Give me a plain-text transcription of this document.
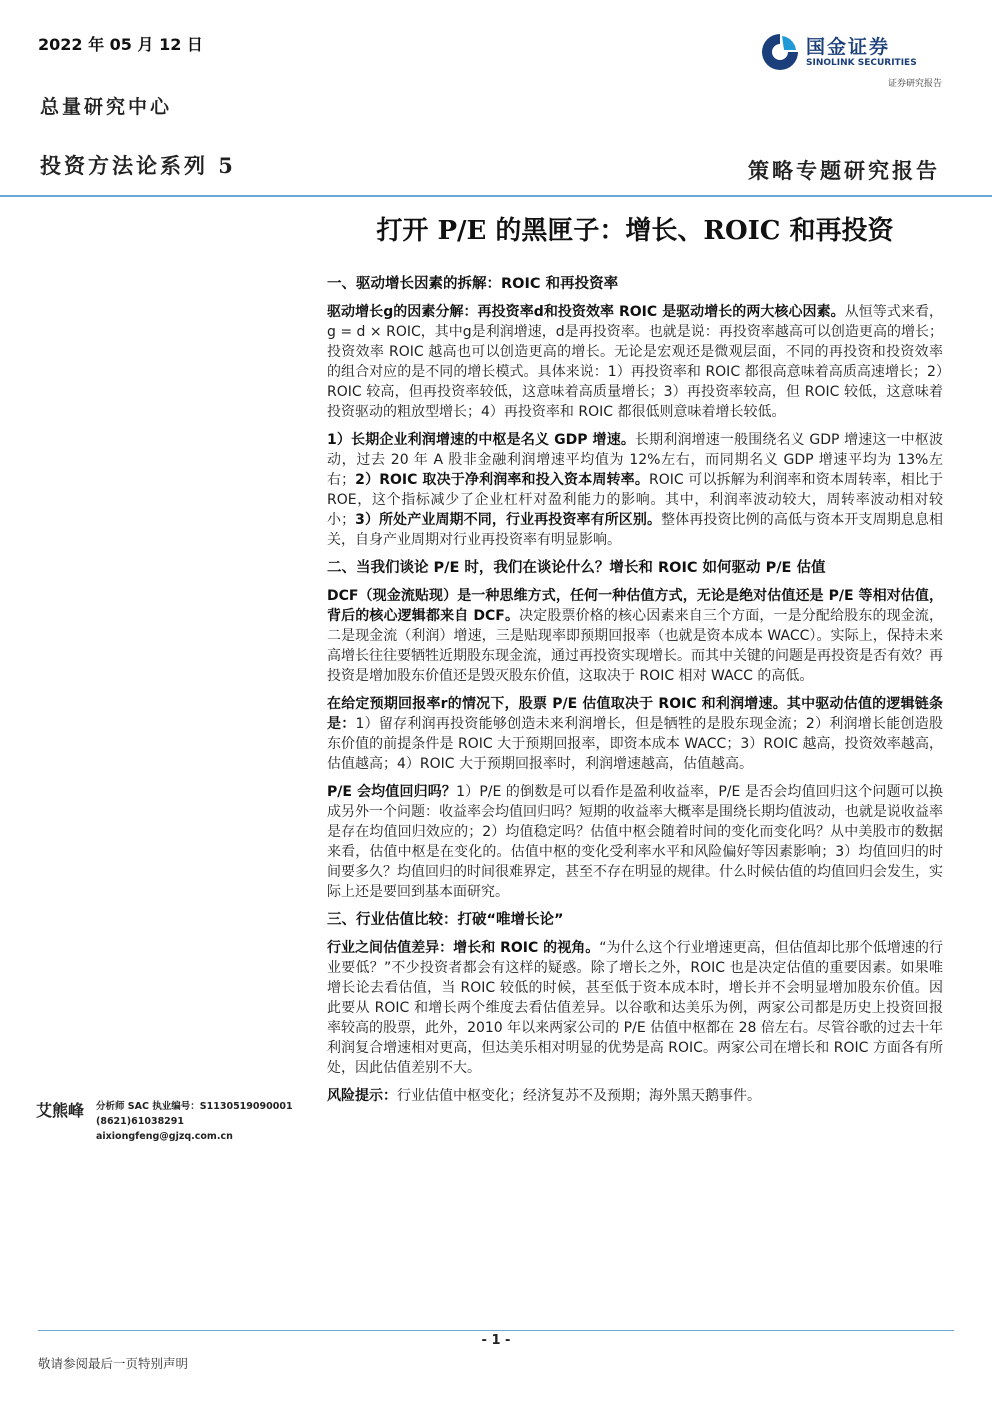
2022 年 05 月 12 日
总量研究中心
投资方法论系列 5	策略专题研究报告
国金证券
SINOLINK SECURITIES
证券研究报告
打开 P/E 的黑匣子：增长、ROIC 和再投资
一、驱动增长因素的拆解：ROIC 和再投资率

驱动增长g的因素分解：再投资率d和投资效率 ROIC 是驱动增长的两大核心因素。从恒等式来看，g = d × ROIC，其中g是利润增速，d是再投资率。也就是说：再投资率越高可以创造更高的增长；投资效率 ROIC 越高也可以创造更高的增长。无论是宏观还是微观层面，不同的再投资和投资效率的组合对应的是不同的增长模式。具体来说：1）再投资率和 ROIC 都很高意味着高质高速增长；2）ROIC 较高，但再投资率较低，这意味着高质量增长；3）再投资率较高，但 ROIC 较低，这意味着投资驱动的粗放型增长；4）再投资率和 ROIC 都很低则意味着增长较低。

1）长期企业利润增速的中枢是名义 GDP 增速。长期利润增速一般围绕名义 GDP 增速这一中枢波动，过去 20 年 A 股非金融利润增速平均值为 12%左右，而同期名义 GDP 增速平均为 13%左右；2）ROIC 取决于净利润率和投入资本周转率。ROIC 可以拆解为利润率和资本周转率，相比于 ROE，这个指标减少了企业杠杆对盈利能力的影响。其中，利润率波动较大，周转率波动相对较小；3）所处产业周期不同，行业再投资率有所区别。整体再投资比例的高低与资本开支周期息息相关，自身产业周期对行业再投资率有明显影响。

二、当我们谈论 P/E 时，我们在谈论什么？增长和 ROIC 如何驱动 P/E 估值

DCF（现金流贴现）是一种思维方式，任何一种估值方式，无论是绝对估值还是 P/E 等相对估值，背后的核心逻辑都来自 DCF。决定股票价格的核心因素来自三个方面，一是分配给股东的现金流，二是现金流（利润）增速，三是贴现率即预期回报率（也就是资本成本 WACC）。实际上，保持未来高增长往往要牺牲近期股东现金流，通过再投资实现增长。而其中关键的问题是再投资是否有效？再投资是增加股东价值还是毁灭股东价值，这取决于 ROIC 相对 WACC 的高低。

在给定预期回报率r的情况下，股票 P/E 估值取决于 ROIC 和利润增速。其中驱动估值的逻辑链条是：1）留存利润再投资能够创造未来利润增长，但是牺牲的是股东现金流；2）利润增长能创造股东价值的前提条件是 ROIC 大于预期回报率，即资本成本 WACC；3）ROIC 越高，投资效率越高，估值越高；4）ROIC 大于预期回报率时，利润增速越高，估值越高。

P/E 会均值回归吗？1）P/E 的倒数是可以看作是盈利收益率，P/E 是否会均值回归这个问题可以换成另外一个问题：收益率会均值回归吗？短期的收益率大概率是围绕长期均值波动，也就是说收益率是存在均值回归效应的；2）均值稳定吗？估值中枢会随着时间的变化而变化吗？从中美股市的数据来看，估值中枢是在变化的。估值中枢的变化受利率水平和风险偏好等因素影响；3）均值回归的时间要多久？均值回归的时间很难界定，甚至不存在明显的规律。什么时候估值的均值回归会发生，实际上还是要回到基本面研究。

三、行业估值比较：打破“唯增长论”

行业之间估值差异：增长和 ROIC 的视角。“为什么这个行业增速更高，但估值却比那个低增速的行业要低？”不少投资者都会有这样的疑惑。除了增长之外，ROIC 也是决定估值的重要因素。如果唯增长论去看估值，当 ROIC 较低的时候，甚至低于资本成本时，增长并不会明显增加股东价值。因此要从 ROIC 和增长两个维度去看估值差异。以谷歌和达美乐为例，两家公司都是历史上投资回报率较高的股票，此外，2010 年以来两家公司的 P/E 估值中枢都在 28 倍左右。尽管谷歌的过去十年利润复合增速相对更高，但达美乐相对明显的优势是高 ROIC。两家公司在增长和 ROIC 方面各有所处，因此估值差别不大。

风险提示：行业估值中枢变化；经济复苏不及预期；海外黑天鹅事件。

艾熊峰 分析师 SAC 执业编号：S1130519090001
(8621)61038291
aixiongfeng@gjzq.com.cn
- 1 -
敬请参阅最后一页特别声明
